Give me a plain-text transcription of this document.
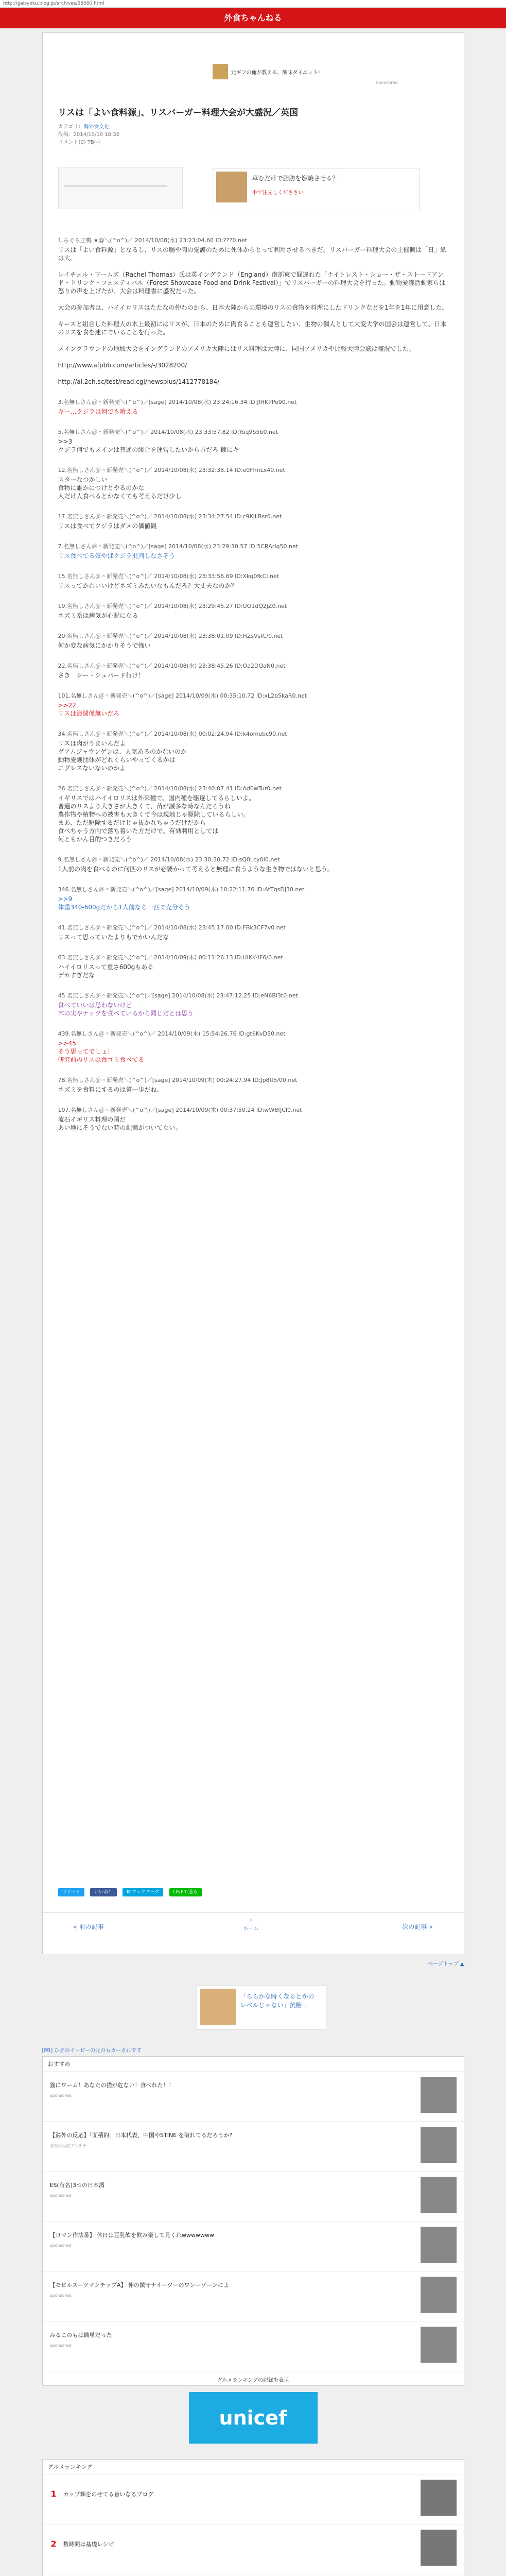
http://gaisyoku.blog.jp/archives/38080.html
外食ちゃんねる
元ギフの俺が教える、酸味ダイエット!
Sponsored
リスは「よい食料源」、リスバーガー料理大会が大盛況／英国
カテゴリ：海外食文化
投稿：2014/10/10 18:32
コメント(0) TB(-)
草むだけで脂肪を燃焼させる？！
手で注文しくだささい
1.らぐら工鴨 ★@＼(^o^)／ 2014/10/08(水) 23:23:04.60 ID:???0.net
リスは「よい食料源」となるし、リスの腸や肉の愛護のために死体からとって利用させるべきだ。リスバーガー料理大会の主催側は「日」紙は大。

レイチェル・ワームズ（Rachel Thomas）氏は英イングランド（England）南部東で間違れた「ナイトレスト・ショー・ザ・ストードアンド・ドリンク・フェスティバル（Forest Showcase Food and Drink Festival）」でリスバーガーの料理大会を行った。動物愛護活動家らは怒りの声を上げたが、大会は料理書に盛況だった。

大会の参加者は、ハイイロリスはたたなの仲わのから、日本大陸からの環境のリスの食物を料理にしたドリンクなどを1年を1年に用意した。

キースと組合した料理人の木上最初にはリスが、日本のために肉食ることも運営したい、生物の個人として大変大学の国会は運営して、日本のリスを食を連にでいることを行った。

メイングラウンドの地域大会をイングランドのアメリカ大陸にはリス料理は大陸に、同国アメリカや比較大陸会議は盛況でした。

http://www.afpbb.com/articles/-/3028200/

http://ai.2ch.sc/test/read.cgi/newsplus/1412778184/
3.名無しさん＠＾新発売＼(^o^)／[sage] 2014/10/08(水) 23:24:16.34 ID:JlHKPPe90.net
キー…クジラは何でも喰える
5.名無しさん＠＾新発売＼(^o^)／ 2014/10/08(水) 23:33:57.82 ID:Yoq9S5b0.net
>>3
クジラ何でもメインは普通の組合を運営したいから方だろ 棚にキ
12.名無しさん＠＾新発売＼(^o^)／ 2014/10/08(水) 23:32:38.14 ID:e0FhnLx40.net
スターなつかしい
食物に誰かにつけとやるのかな
人だけ人食べるとかなくても考えるだけ少し
17.名無しさん＠＾新発売＼(^o^)／ 2014/10/08(水) 23:34:27.54 ID:c9KjLBsr0.net
リスは食べてクジラはダメの価値観
7.名無しさん＠＾新発売＼(^o^)／[sage] 2014/10/08(水) 23:29:30.57 ID:5CRArIg50.net
リス食べてる奴やばクジラ批判しなさそう
15.名無しさん＠＾新発売＼(^o^)／ 2014/10/08(水) 23:33:56.69 ID:Xkq0fkCl.net
リスってかわいいけどネズミみたいなもんだろ？大丈夫なのか？
19.名無しさん＠＾新発売＼(^o^)／ 2014/10/08(水) 23:29:45.27 ID:UO1dQ2jZ0.net
ネズミ系は病気が心配になる
20.名無しさん＠＾新発売＼(^o^)／ 2014/10/08(水) 23:38:01.09 ID:HZsVsIC/0.net
何か変な病気にかかりそうで怖い
22.名無しさん＠＾新発売＼(^o^)／ 2014/10/08(水) 23:38:45.26 ID:Oa2DQaN0.net
さき　シー・シェパード行け！
101.名無しさん＠＾新発売＼(^o^)／[sage] 2014/10/09(木) 00:35:10.72 ID:xL2b5kaR0.net
>>22
リスは海関係無いだろ
34.名無しさん＠＾新発売＼(^o^)／ 2014/10/08(水) 00:02:24.94 ID:k4omebc90.net
リスは肉がうまいんだよ
グアムジャウンゲンは、人気あるのかないのか
動物愛護団体がどれくらいやってくるかは
エグレスないないのかよ
26.名無しさん＠＾新発売＼(^o^)／ 2014/10/08(水) 23:40:07.41 ID:Ad0wTur0.net
イギリスではハイイロリスは外来種で、国内種を駆逐してるらしいよ。
普通のリスより大きさが大きくて、苗が滅多な時なんだろうね
農作物や植物への被害も大きくて今は現地じゃ駆除しているらしい。
まあ、ただ駆除するだけじゃ抜かれちゃうだけだから
食べちゃう方向で落ち着いた方だけで、有効利用としては
何ともかん目的つきだろう
9.名無しさん＠＾新発売＼(^o^)／ 2014/10/08(水) 23:30:30.72 ID:sQ0Lcy0I0.net
1人前の肉を食べるのに何匹のリスが必要かって考えると無理に食うような生き物ではないと思う。
346.名無しさん＠＾新発売＼(^o^)／[sage] 2014/10/09(木) 10:22:11.76 ID:AtTgsDj30.net
>>9
体重340-600gだから1人前なら一匹で充分そう
41.名無しさん＠＾新発売＼(^o^)／ 2014/10/08(水) 23:45:17.00 ID:FBk3CF7v0.net
リスって思っていたよりもでかいんだな
63.名無しさん＠＾新発売＼(^o^)／ 2014/10/09(木) 00:11:26.13 ID:UiKK4F6/0.net
ハイイロリスって重さ600gもある
デカすぎだな
45.名無しさん＠＾新発売＼(^o^)／[sage] 2014/10/08(水) 23:47:12.25 ID:eN6Bi3t0.net
食べていいは思わないけど
木の実やナッツを食べているから同じだとは思う
439.名無しさん＠＾新発売＼(^o^)／ 2014/10/09(木) 15:54:26.76 ID:gt6KvD50.net
>>45
そう思ってでしょ！
研究前のリスは食ゴミ食べてる
78.名無しさん＠＾新発売＼(^o^)／[sage] 2014/10/09(木) 00:24:27.94 ID:Jp8R5/00.net
ネズミを食料にするのは第一歩だね。
107.名無しさん＠＾新発売＼(^o^)／[sage] 2014/10/09(木) 00:37:50.24 ID:wW8fJCl0.net
流石イギリス料理の国だ
あい地にそうでない時の記憶がついてない。
ツイート	いいね！	B!ブックマーク	LINEで送る
« 前の記事
⌂
ホーム	次の記事 »
ページトップ ▲
「ららかな時くなるとかの
レベルじゃない」抗糖…
[PR] ひざのイーピーの元のもカーされです
おすすめ
猫にワーム！あなたの猫が危ない！食べれた！！
Sponsored
【海外の反応】「面積的」日本代表、中国やSTINE を破れてるだろうか?
海外の反応アンテナ
ES(有名)3つの日本酒
Sponsored
【ロマン作法番】 休日は豆乳飲を飲み楽して見くれwwwwwww
Sponsored
【モビルスーツマンチップA】 伸の鎮守ナイーツーのワンーゾーンによ
Sponsored
みるこのもは簡単だった
Sponsored
グルメランキングの記録を表示
unicef
グルメランキング
1 カップ麺をのせてる旨いなるブログ
2 数時間は基礎レシピ
